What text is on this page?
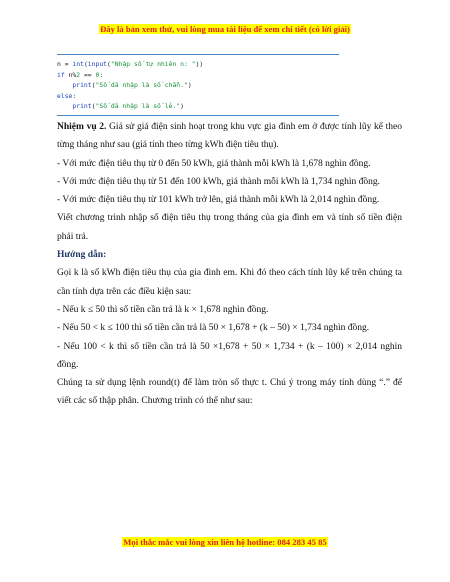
Đây là bản xem thử, vui lòng mua tài liệu để xem chi tiết (có lời giải)
n = int(input("Nhập số tự nhiên n: "))
if n%2 == 0:
print("Số đã nhập là số chẵn.")
else:
print("Số đã nhập là số lẻ.")

Nhiệm vụ 2. Giả sử giá điện sinh hoạt trong khu vực gia đình em ở được tính lũy kế theo từng tháng như sau (giá tính theo từng kWh điện tiêu thụ).

- Với mức điện tiêu thụ từ 0 đến 50 kWh, giá thành mỗi kWh là 1,678 nghìn đồng.

- Với mức điện tiêu thụ từ 51 đến 100 kWh, giá thành mỗi kWh là 1,734 nghìn đồng.

- Với mức điện tiêu thụ từ 101 kWh trở lên, giá thành mỗi kWh là 2,014 nghìn đồng.

Viết chương trình nhập số điện tiêu thụ trong tháng của gia đình em và tính số tiền điện phải trả.

Hướng dẫn:

Gọi k là số kWh điện tiêu thụ của gia đình em. Khi đó theo cách tính lũy kế trên chúng ta cần tính dựa trên các điều kiện sau:

- Nếu k ≤ 50 thì số tiền cần trả là k × 1,678 nghìn đồng.

- Nếu 50 < k ≤ 100 thì số tiền cần trả là 50 × 1,678 + (k – 50) × 1,734 nghìn đồng.

- Nếu 100 < k thì số tiền cần trả là 50 ×1,678 + 50 × 1,734 + (k – 100) × 2,014 nghìn đồng.

Chúng ta sử dụng lệnh round(t) để làm tròn số thực t. Chú ý trong máy tính dùng “.” để viết các số thập phân. Chương trình có thể như sau:

Mọi thắc mắc vui lòng xin liên hệ hotline: 084 283 45 85
